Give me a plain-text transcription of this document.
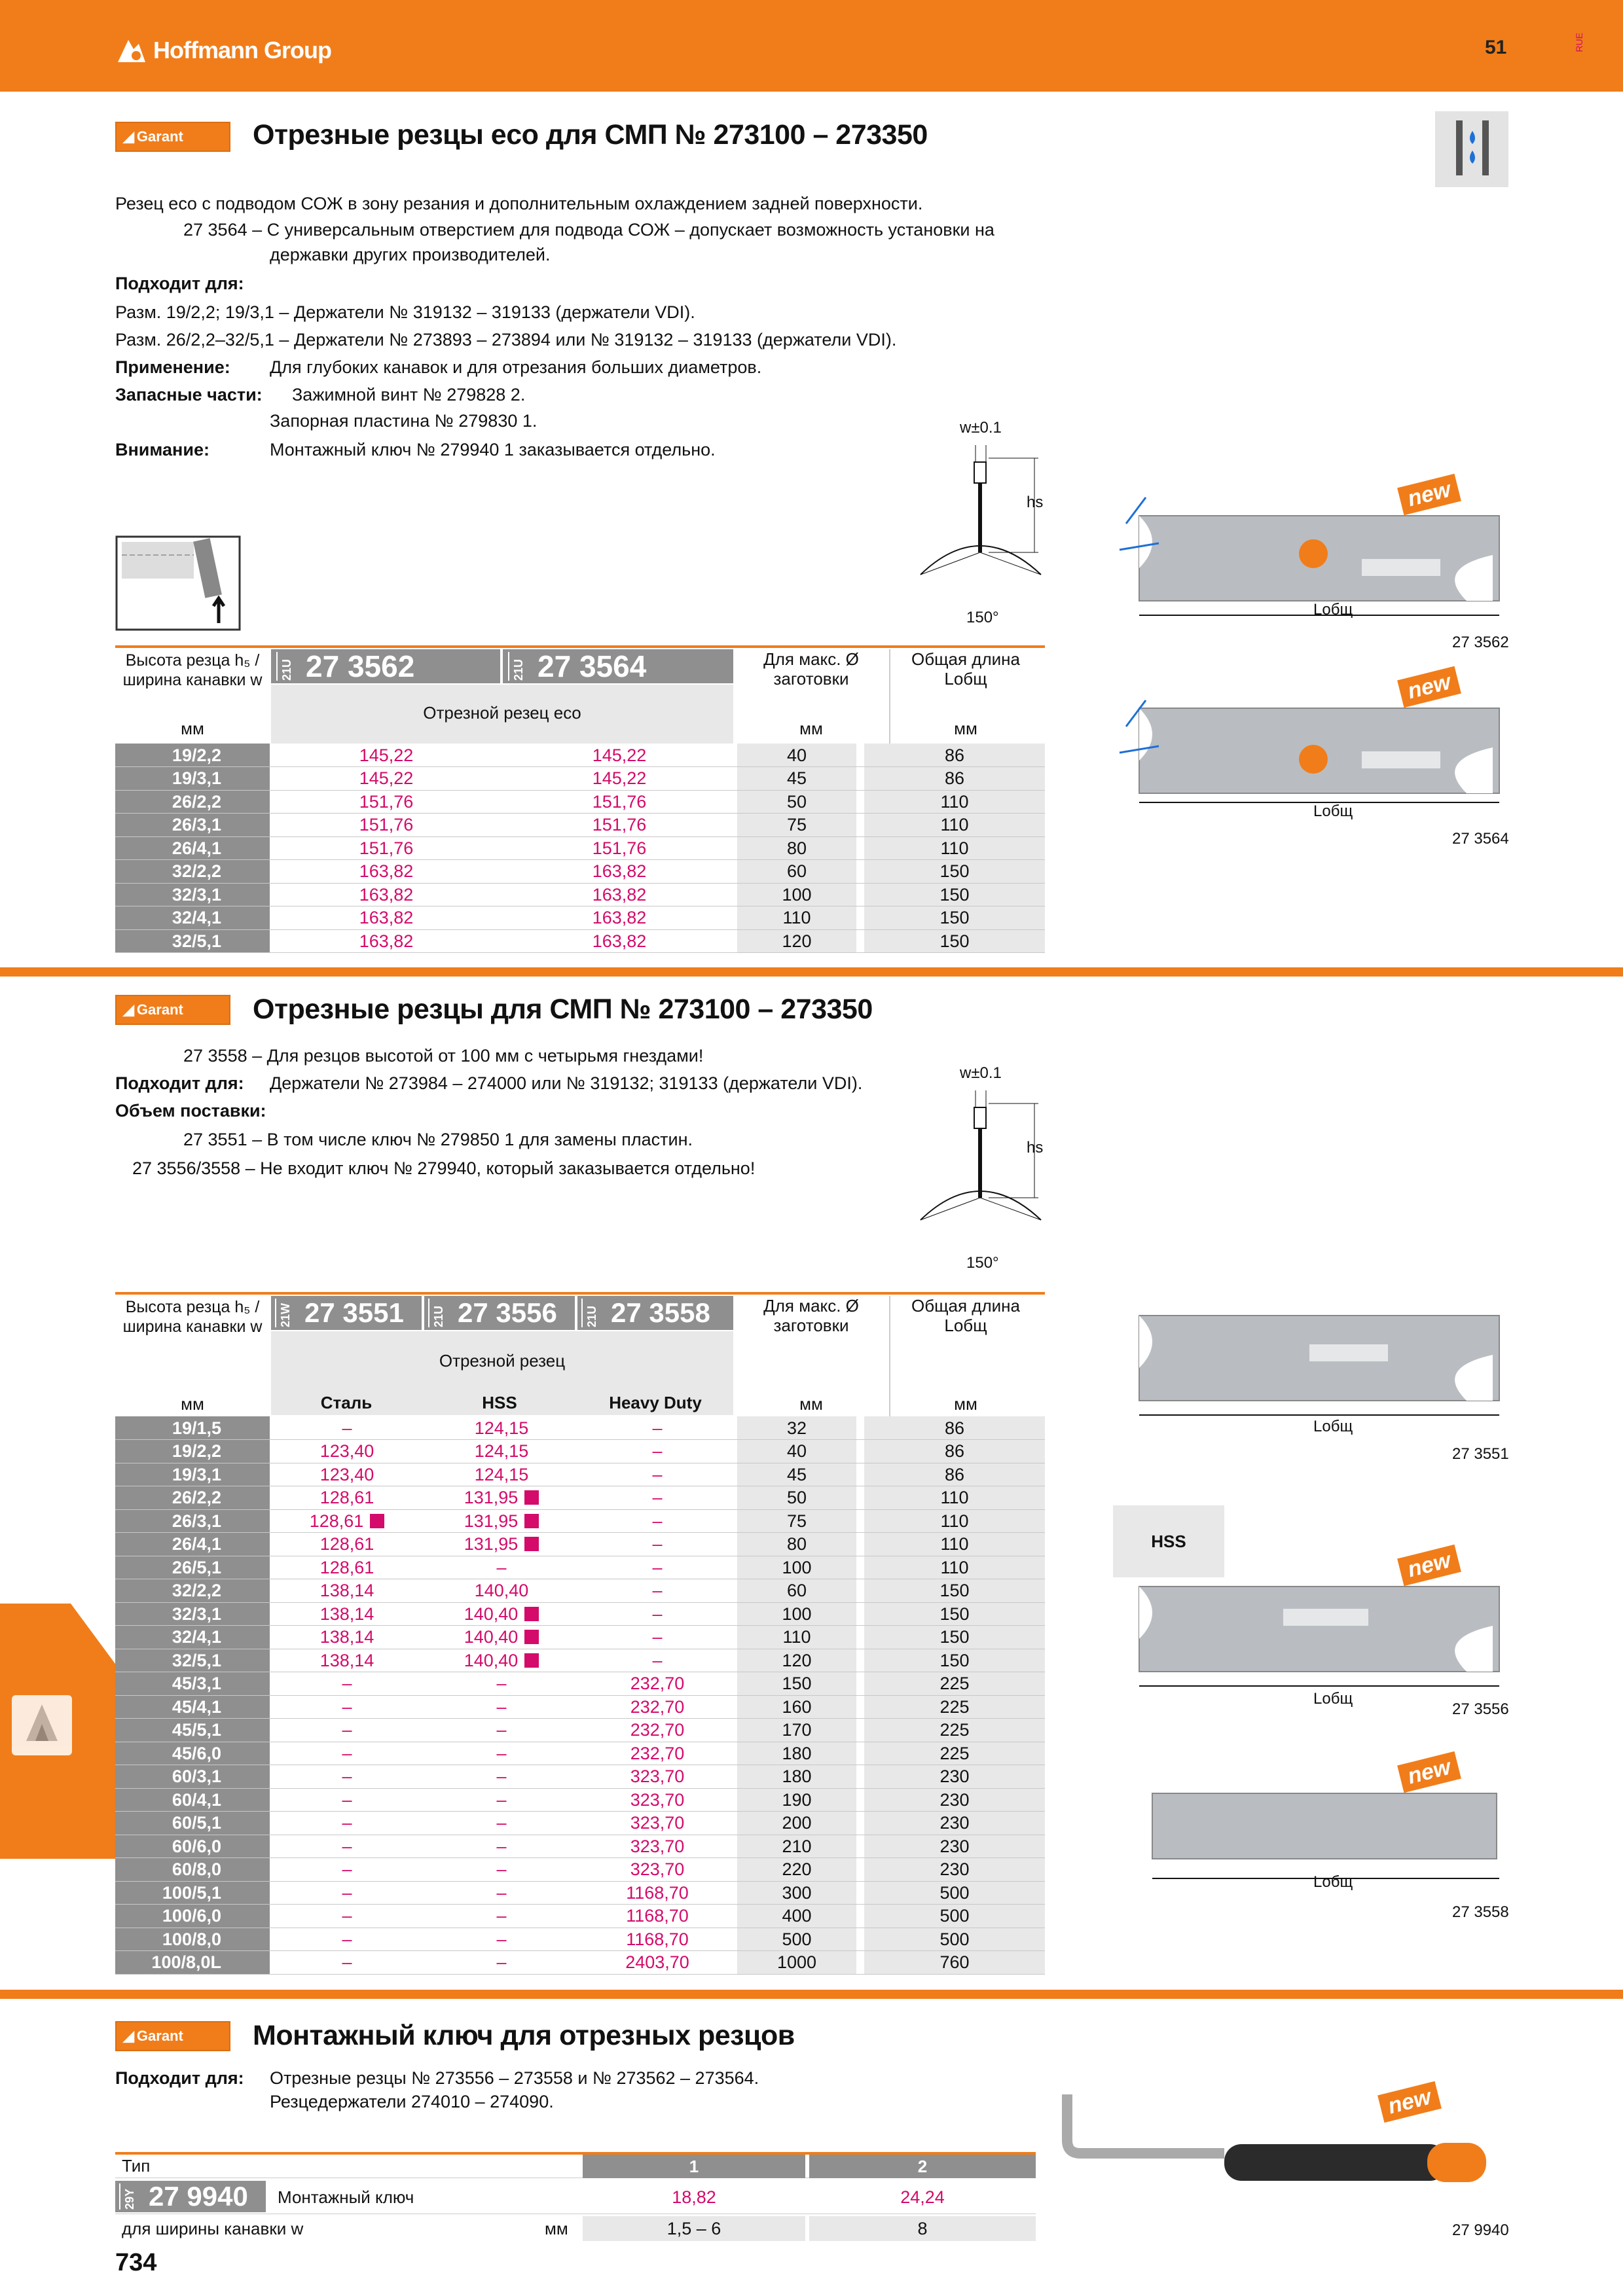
Hoffmann Group	51	RUE
◢ Garant Отрезные резцы eco для СМП № 273100 – 273350
Резец eco с подводом СОЖ в зону резания и дополнительным охлаждением задней поверхности.
27 3564 – С универсальным отверстием для подвода СОЖ – допускает возможность установки на
державки других производителей.
Подходит для:
Разм. 19/2,2; 19/3,1 – Держатели № 319132 – 319133 (держатели VDI).
Разм. 26/2,2–32/5,1 – Держатели № 273893 – 273894 или № 319132 – 319133 (держатели VDI).
Применение: Для глубоких канавок и для отрезания больших диаметров.
Запасные части: Зажимной винт № 279828 2.
Запорная пластина № 279830 1.
Внимание:	Монтажный ключ № 279940 1 заказывается отдельно.
w±0.1
hs
150°
Высота резца h₅ / ширина канавки w
мм
21U 27 3562	21U 27 3564
Отрезной резец eco
Для макс. Ø заготовки
мм
Общая длина Lобщ
мм
19/2,2	145,22	145,22		40		86
19/3,1	145,22	145,22		45		86
26/2,2	151,76	151,76		50		110
26/3,1	151,76	151,76		75		110
26/4,1	151,76	151,76		80		110
32/2,2	163,82	163,82		60		150
32/3,1	163,82	163,82		100		150
32/4,1	163,82	163,82		110		150
32/5,1	163,82	163,82		120		150
new
Lобщ
27 3562
new
Lобщ
27 3564
◢ Garant Отрезные резцы для СМП № 273100 – 273350
27 3558 – Для резцов высотой от 100 мм с четырьмя гнездами!
Подходит для: Держатели № 273984 – 274000 или № 319132; 319133 (держатели VDI).
Объем поставки:
27 3551 – В том числе ключ № 279850 1 для замены пластин.
27 3556/3558 – Не входит ключ № 279940, который заказывается отдельно!
w±0.1
hs
150°
Высота резца h₅ / ширина канавки w
мм
21W 27 3551	21U 27 3556	21U 27 3558
Отрезной резец
Сталь	HSS	Heavy Duty
Для макс. Ø заготовки
мм
Общая длина Lобщ
мм
19/1,5	–	124,15	–		32		86
19/2,2	123,40	124,15	–		40		86
19/3,1	123,40	124,15	–		45		86
26/2,2	128,61	131,95	–		50		110
26/3,1	128,61	131,95	–		75		110
26/4,1	128,61	131,95	–		80		110
26/5,1	128,61	–	–		100		110
32/2,2	138,14	140,40	–		60		150
32/3,1	138,14	140,40	–		100		150
32/4,1	138,14	140,40	–		110		150
32/5,1	138,14	140,40	–		120		150
45/3,1	–	–	232,70		150		225
45/4,1	–	–	232,70		160		225
45/5,1	–	–	232,70		170		225
45/6,0	–	–	232,70		180		225
60/3,1	–	–	323,70		180		230
60/4,1	–	–	323,70		190		230
60/5,1	–	–	323,70		200		230
60/6,0	–	–	323,70		210		230
60/8,0	–	–	323,70		220		230
100/5,1	–	–	1168,70		300		500
100/6,0	–	–	1168,70		400		500
100/8,0	–	–	1168,70		500		500
100/8,0L	–	–	2403,70		1000		760
Lобщ
27 3551
HSS
new
Lобщ
27 3556
new
Lобщ
27 3558
◢ Garant Монтажный ключ для отрезных резцов
Подходит для: Отрезные резцы № 273556 – 273558 и № 273562 – 273564.
Резцедержатели 274010 – 274090.
Тип	1	2
29Y 27 9940 Монтажный ключ	18,82	24,24
для ширины канавки w	мм	1,5 – 6	8
new
27 9940
734
